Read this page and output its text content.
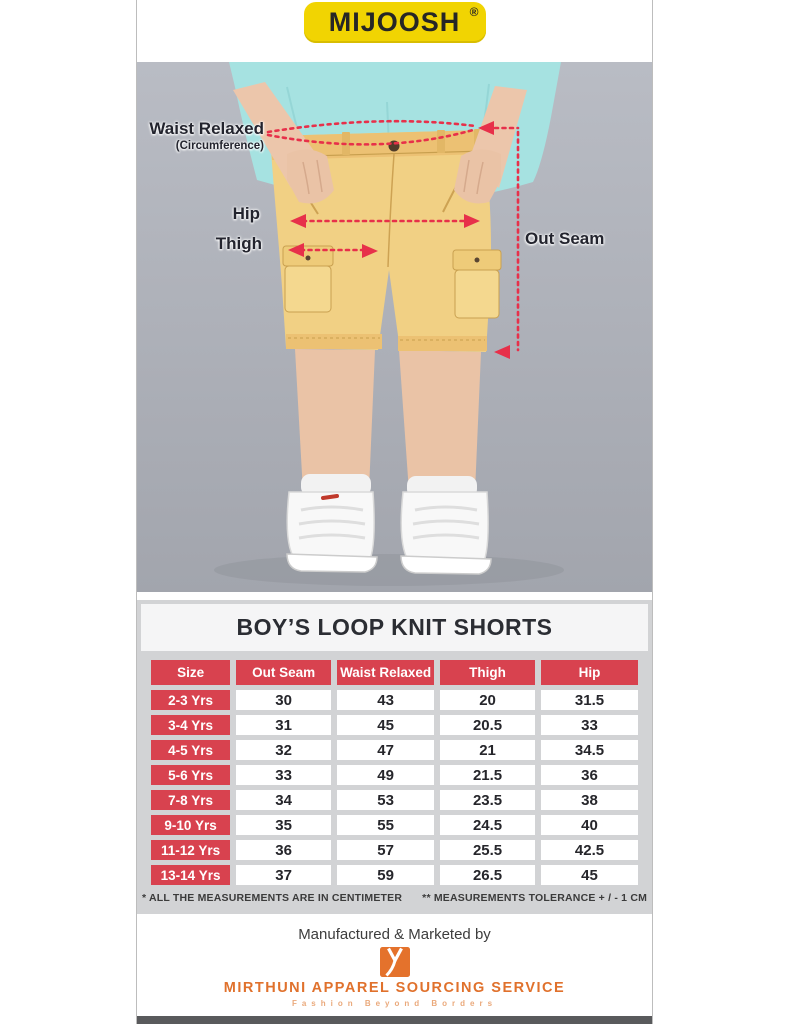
MIJOOSH ®
Waist Relaxed
(Circumference)
Hip
Thigh	Out Seam
BOY’S LOOP KNIT SHORTS
Size	Out Seam	Waist Relaxed	Thigh	Hip
2-3 Yrs	30	43	20	31.5
3-4 Yrs	31	45	20.5	33
4-5 Yrs	32	47	21	34.5
5-6 Yrs	33	49	21.5	36
7-8 Yrs	34	53	23.5	38
9-10 Yrs	35	55	24.5	40
11-12 Yrs	36	57	25.5	42.5
13-14 Yrs	37	59	26.5	45
* ALL THE MEASUREMENTS ARE IN CENTIMETER ** MEASUREMENTS TOLERANCE + / - 1 CM
Manufactured & Marketed by
MIRTHUNI APPAREL SOURCING SERVICE
Fashion Beyond Borders
